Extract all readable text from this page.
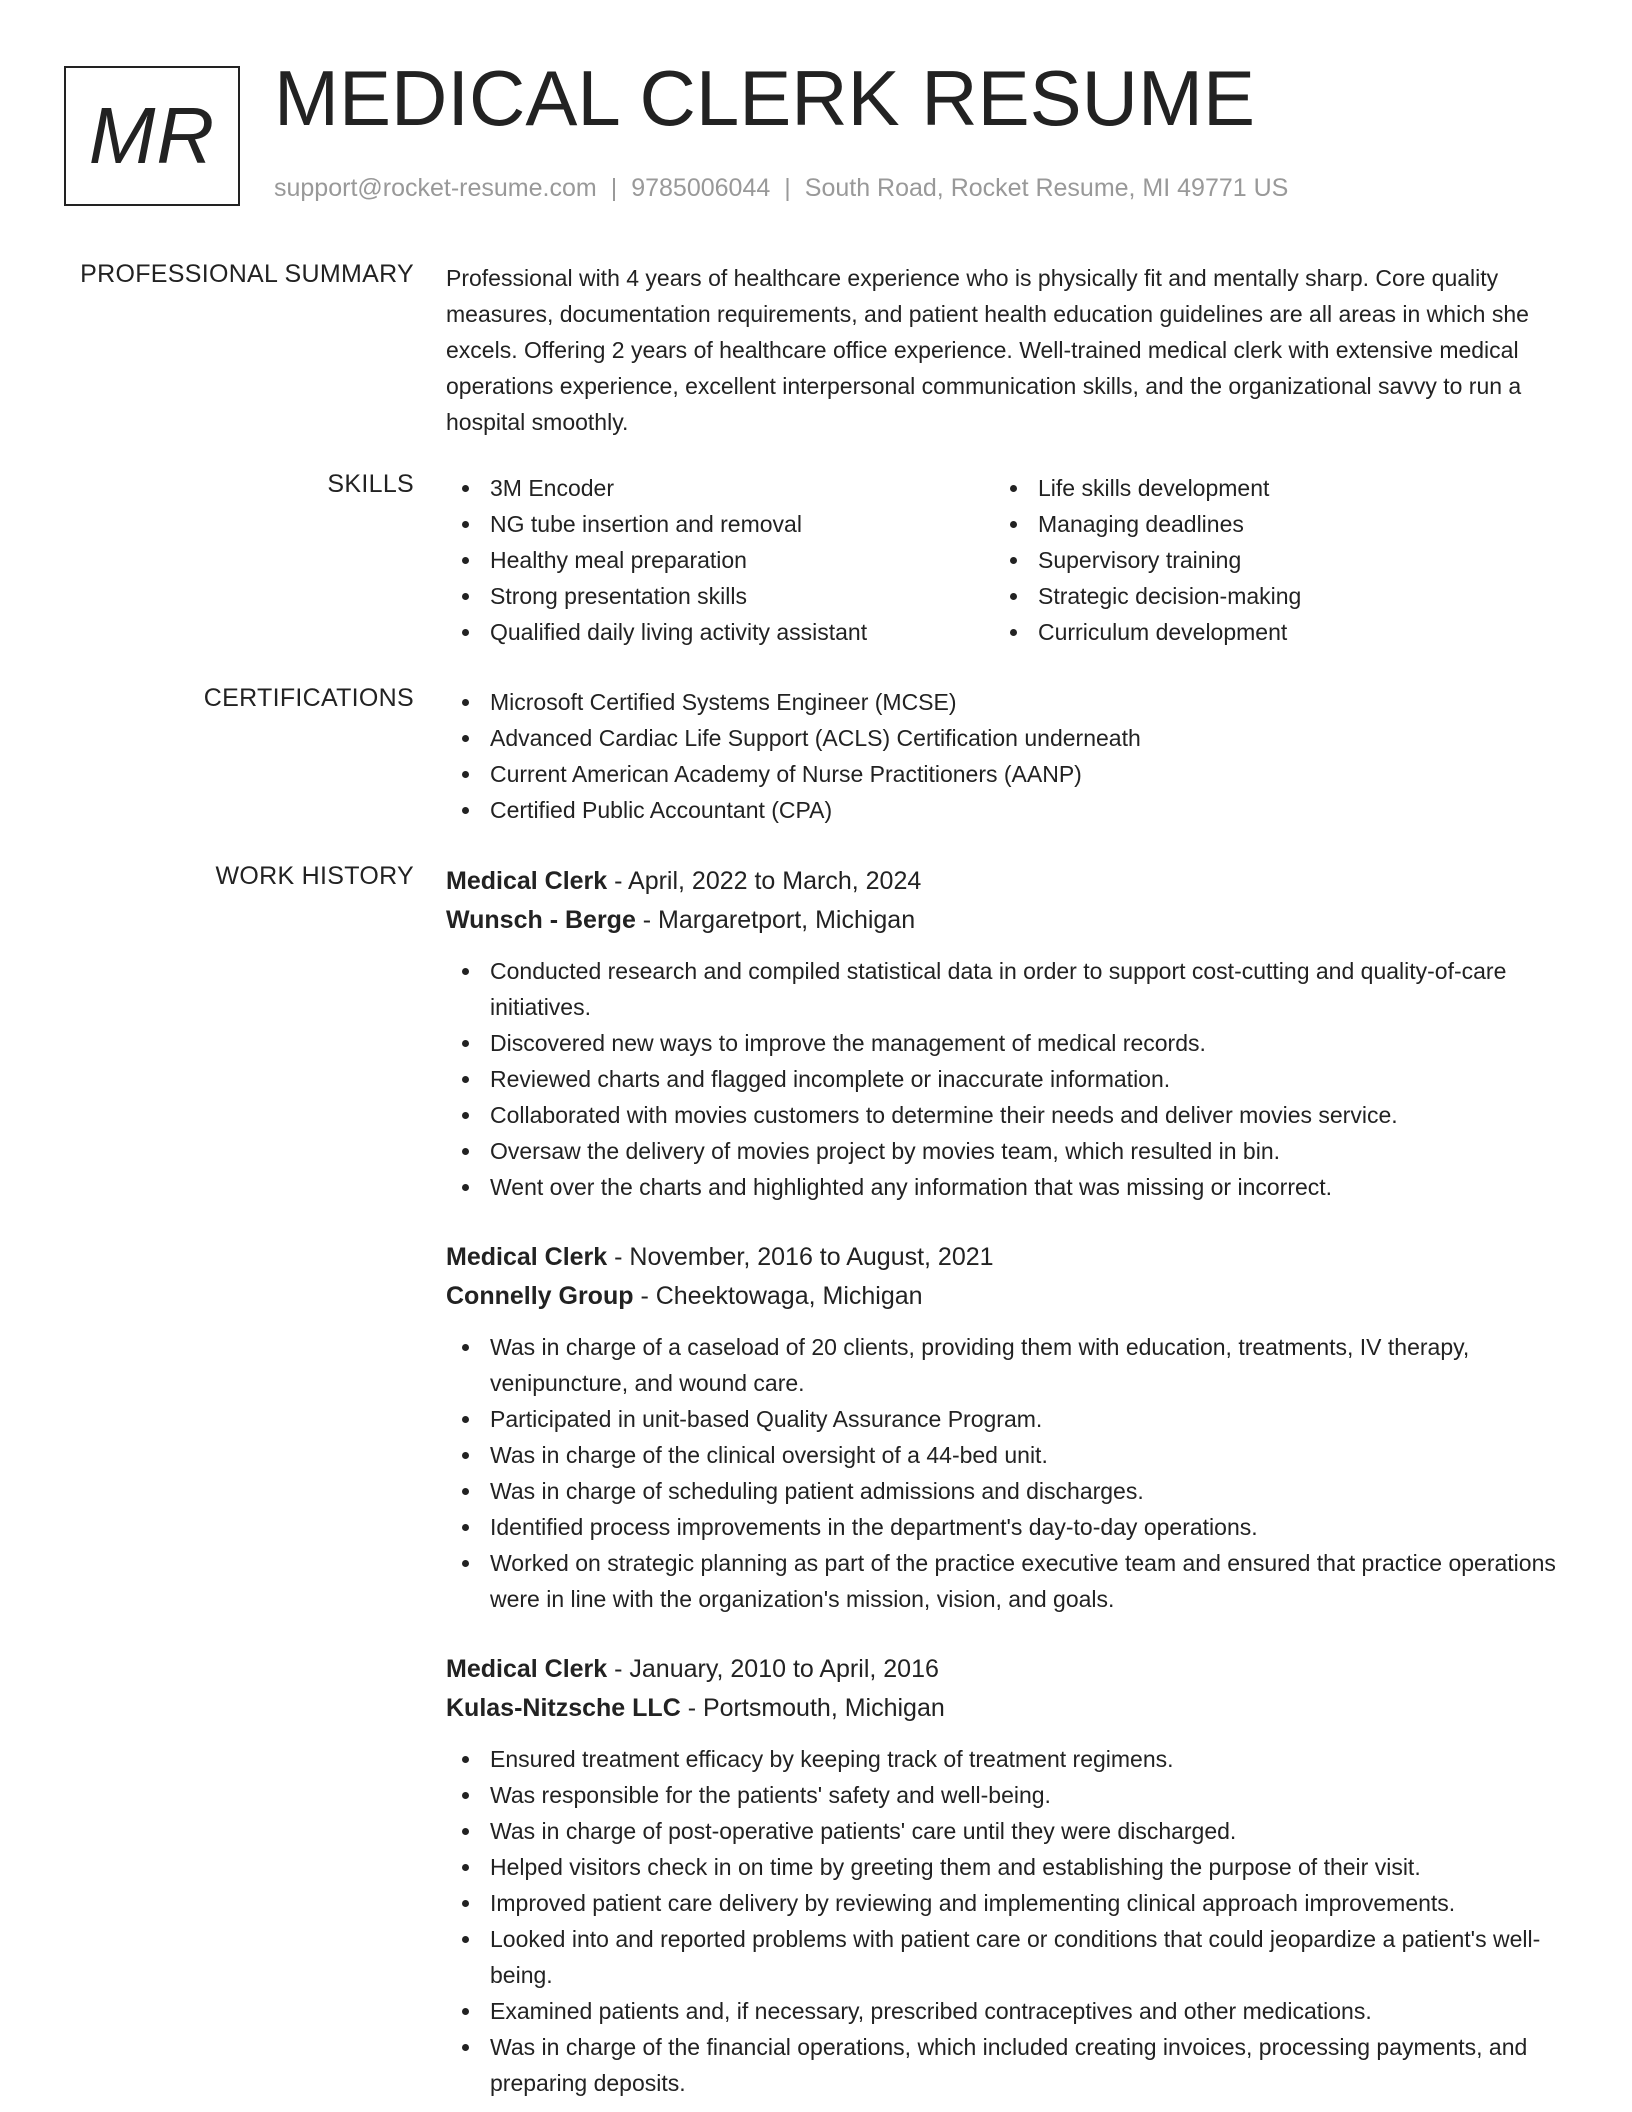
MR MEDICAL CLERK RESUME
support@rocket-resume.com | 9785006044 | South Road, Rocket Resume, MI 49771 US
PROFESSIONAL SUMMARY Professional with 4 years of healthcare experience who is physically fit and mentally sharp. Core quality measures, documentation requirements, and patient health education guidelines are all areas in which she excels. Offering 2 years of healthcare office experience. Well-trained medical clerk with extensive medical operations experience, excellent interpersonal communication skills, and the organizational savvy to run a hospital smoothly.

SKILLS	3M Encoder
NG tube insertion and removal
Healthy meal preparation
Strong presentation skills
Qualified daily living activity assistant
Life skills development
Managing deadlines
Supervisory training
Strategic decision-making
Curriculum development
CERTIFICATIONS	Microsoft Certified Systems Engineer (MCSE)
Advanced Cardiac Life Support (ACLS) Certification underneath
Current American Academy of Nurse Practitioners (AANP)
Certified Public Accountant (CPA)
WORK HISTORY Medical Clerk - April, 2022 to March, 2024
Wunsch - Berge - Margaretport, Michigan
Conducted research and compiled statistical data in order to support cost-cutting and quality-of-care initiatives.
Discovered new ways to improve the management of medical records.
Reviewed charts and flagged incomplete or inaccurate information.
Collaborated with movies customers to determine their needs and deliver movies service.
Oversaw the delivery of movies project by movies team, which resulted in bin.
Went over the charts and highlighted any information that was missing or incorrect.
Medical Clerk - November, 2016 to August, 2021
Connelly Group - Cheektowaga, Michigan
Was in charge of a caseload of 20 clients, providing them with education, treatments, IV therapy, venipuncture, and wound care.
Participated in unit-based Quality Assurance Program.
Was in charge of the clinical oversight of a 44-bed unit.
Was in charge of scheduling patient admissions and discharges.
Identified process improvements in the department's day-to-day operations.
Worked on strategic planning as part of the practice executive team and ensured that practice operations were in line with the organization's mission, vision, and goals.
Medical Clerk - January, 2010 to April, 2016
Kulas-Nitzsche LLC - Portsmouth, Michigan
Ensured treatment efficacy by keeping track of treatment regimens.
Was responsible for the patients' safety and well-being.
Was in charge of post-operative patients' care until they were discharged.
Helped visitors check in on time by greeting them and establishing the purpose of their visit.
Improved patient care delivery by reviewing and implementing clinical approach improvements.
Looked into and reported problems with patient care or conditions that could jeopardize a patient's well-being.
Examined patients and, if necessary, prescribed contraceptives and other medications.
Was in charge of the financial operations, which included creating invoices, processing payments, and preparing deposits.
